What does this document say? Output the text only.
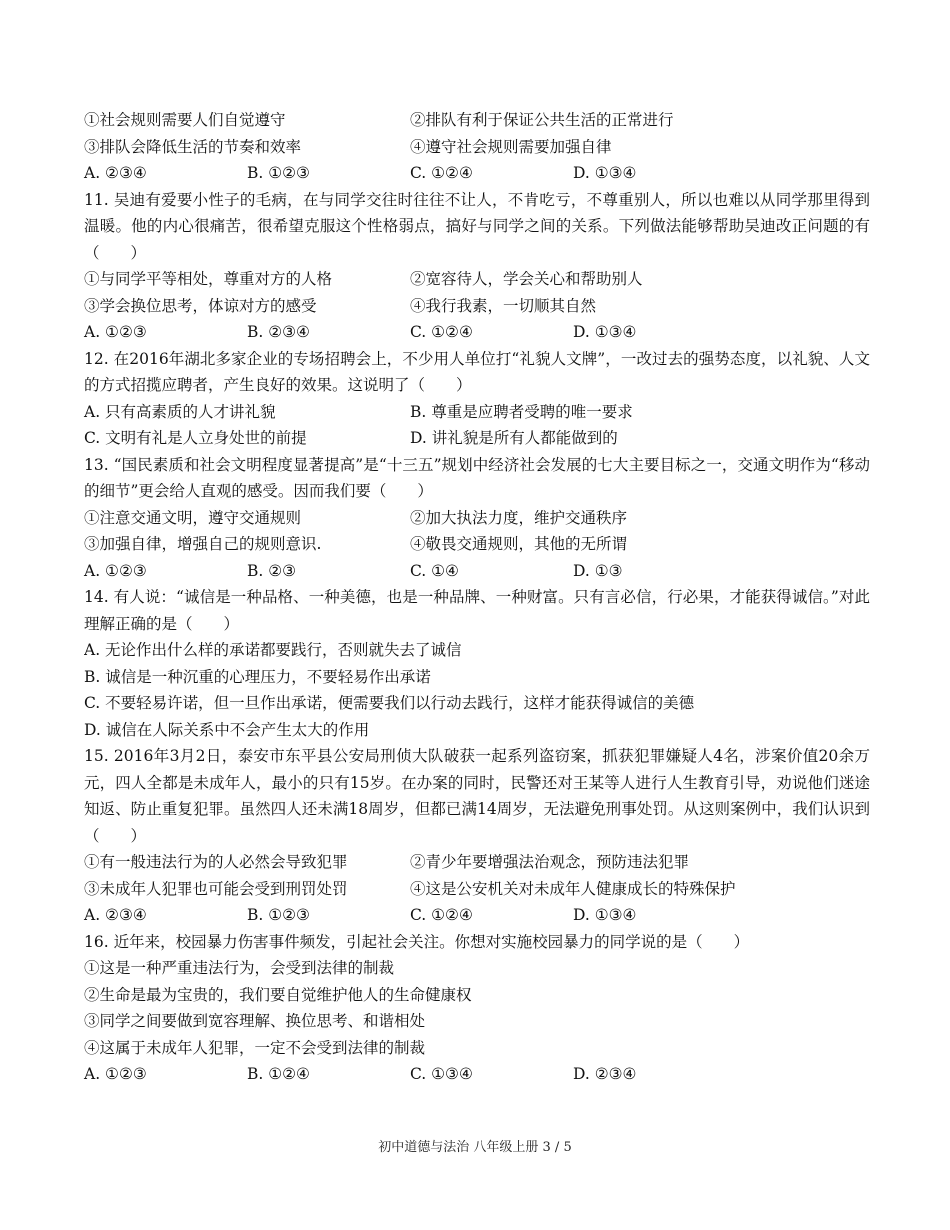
①社会规则需要人们自觉遵守	②排队有利于保证公共生活的正常进行
③排队会降低生活的节奏和效率	④遵守社会规则需要加强自律
A. ②③④	B. ①②③	C. ①②④	D. ①③④
11. 吴迪有爱要小性子的毛病，在与同学交往时往往不让人，不肯吃亏，不尊重别人，所以也难以从同学那里得到温暖。他的内心很痛苦，很希望克服这个性格弱点，搞好与同学之间的关系。下列做法能够帮助吴迪改正问题的有（　　）
①与同学平等相处，尊重对方的人格	②宽容待人，学会关心和帮助别人
③学会换位思考，体谅对方的感受	④我行我素，一切顺其自然
A. ①②③	B. ②③④	C. ①②④	D. ①③④
12. 在2016年湖北多家企业的专场招聘会上，不少用人单位打“礼貌人文牌”，一改过去的强势态度，以礼貌、人文的方式招揽应聘者，产生良好的效果。这说明了（　　）
A. 只有高素质的人才讲礼貌	B. 尊重是应聘者受聘的唯一要求
C. 文明有礼是人立身处世的前提	D. 讲礼貌是所有人都能做到的
13. “国民素质和社会文明程度显著提高”是“十三五”规划中经济社会发展的七大主要目标之一，交通文明作为“移动的细节”更会给人直观的感受。因而我们要（　　）
①注意交通文明，遵守交通规则	②加大执法力度，维护交通秩序
③加强自律，增强自己的规则意识.	④敬畏交通规则，其他的无所谓
A. ①②③	B. ②③	C. ①④	D. ①③
14. 有人说：“诚信是一种品格、一种美德，也是一种品牌、一种财富。只有言必信，行必果，才能获得诚信。”对此理解正确的是（　　）
A. 无论作出什么样的承诺都要践行，否则就失去了诚信
B. 诚信是一种沉重的心理压力，不要轻易作出承诺
C. 不要轻易许诺，但一旦作出承诺，便需要我们以行动去践行，这样才能获得诚信的美德
D. 诚信在人际关系中不会产生太大的作用
15. 2016年3月2日，泰安市东平县公安局刑侦大队破获一起系列盗窃案，抓获犯罪嫌疑人4名，涉案价值20余万元，四人全都是未成年人，最小的只有15岁。在办案的同时，民警还对王某等人进行人生教育引导，劝说他们迷途知返、防止重复犯罪。虽然四人还未满18周岁，但都已满14周岁，无法避免刑事处罚。从这则案例中，我们认识到（　　）
①有一般违法行为的人必然会导致犯罪	②青少年要增强法治观念，预防违法犯罪
③未成年人犯罪也可能会受到刑罚处罚	④这是公安机关对未成年人健康成长的特殊保护
A. ②③④	B. ①②③	C. ①②④	D. ①③④
16. 近年来，校园暴力伤害事件频发，引起社会关注。你想对实施校园暴力的同学说的是（　　）
①这是一种严重违法行为，会受到法律的制裁
②生命是最为宝贵的，我们要自觉维护他人的生命健康权
③同学之间要做到宽容理解、换位思考、和谐相处
④这属于未成年人犯罪，一定不会受到法律的制裁
A. ①②③	B. ①②④	C. ①③④	D. ②③④
初中道德与法治 八年级上册 3 / 5
